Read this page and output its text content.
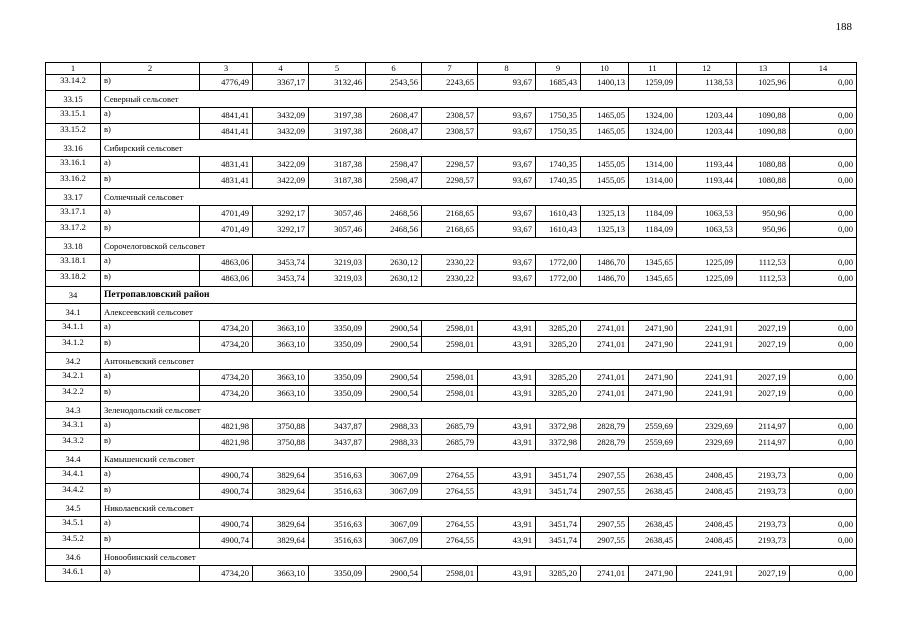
188
1	2	3	4	5	6	7	8	9	10	11	12	13	14
33.14.2	в)	4776,49	3367,17	3132,46	2543,56	2243,65	93,67	1685,43	1400,13	1259,09	1138,53	1025,96	0,00
33.15	Северный сельсовет												
33.15.1	а)	4841,41	3432,09	3197,38	2608,47	2308,57	93,67	1750,35	1465,05	1324,00	1203,44	1090,88	0,00
33.15.2	в)	4841,41	3432,09	3197,38	2608,47	2308,57	93,67	1750,35	1465,05	1324,00	1203,44	1090,88	0,00
33.16	Сибирский сельсовет												
33.16.1	а)	4831,41	3422,09	3187,38	2598,47	2298,57	93,67	1740,35	1455,05	1314,00	1193,44	1080,88	0,00
33.16.2	в)	4831,41	3422,09	3187,38	2598,47	2298,57	93,67	1740,35	1455,05	1314,00	1193,44	1080,88	0,00
33.17	Солнечный сельсовет												
33.17.1	а)	4701,49	3292,17	3057,46	2468,56	2168,65	93,67	1610,43	1325,13	1184,09	1063,53	950,96	0,00
33.17.2	в)	4701,49	3292,17	3057,46	2468,56	2168,65	93,67	1610,43	1325,13	1184,09	1063,53	950,96	0,00
33.18	Сорочелоговской сельсовет												
33.18.1	а)	4863,06	3453,74	3219,03	2630,12	2330,22	93,67	1772,00	1486,70	1345,65	1225,09	1112,53	0,00
33.18.2	в)	4863,06	3453,74	3219,03	2630,12	2330,22	93,67	1772,00	1486,70	1345,65	1225,09	1112,53	0,00
34	Петропавловский район												
34.1	Алексеевский сельсовет												
34.1.1	а)	4734,20	3663,10	3350,09	2900,54	2598,01	43,91	3285,20	2741,01	2471,90	2241,91	2027,19	0,00
34.1.2	в)	4734,20	3663,10	3350,09	2900,54	2598,01	43,91	3285,20	2741,01	2471,90	2241,91	2027,19	0,00
34.2	Антоньевский сельсовет												
34.2.1	а)	4734,20	3663,10	3350,09	2900,54	2598,01	43,91	3285,20	2741,01	2471,90	2241,91	2027,19	0,00
34.2.2	в)	4734,20	3663,10	3350,09	2900,54	2598,01	43,91	3285,20	2741,01	2471,90	2241,91	2027,19	0,00
34.3	Зеленодольский сельсовет												
34.3.1	а)	4821,98	3750,88	3437,87	2988,33	2685,79	43,91	3372,98	2828,79	2559,69	2329,69	2114,97	0,00
34.3.2	в)	4821,98	3750,88	3437,87	2988,33	2685,79	43,91	3372,98	2828,79	2559,69	2329,69	2114,97	0,00
34.4	Камышенский сельсовет												
34.4.1	а)	4900,74	3829,64	3516,63	3067,09	2764,55	43,91	3451,74	2907,55	2638,45	2408,45	2193,73	0,00
34.4.2	в)	4900,74	3829,64	3516,63	3067,09	2764,55	43,91	3451,74	2907,55	2638,45	2408,45	2193,73	0,00
34.5	Николаевский сельсовет												
34.5.1	а)	4900,74	3829,64	3516,63	3067,09	2764,55	43,91	3451,74	2907,55	2638,45	2408,45	2193,73	0,00
34.5.2	в)	4900,74	3829,64	3516,63	3067,09	2764,55	43,91	3451,74	2907,55	2638,45	2408,45	2193,73	0,00
34.6	Новообинский сельсовет												
34.6.1	а)	4734,20	3663,10	3350,09	2900,54	2598,01	43,91	3285,20	2741,01	2471,90	2241,91	2027,19	0,00
